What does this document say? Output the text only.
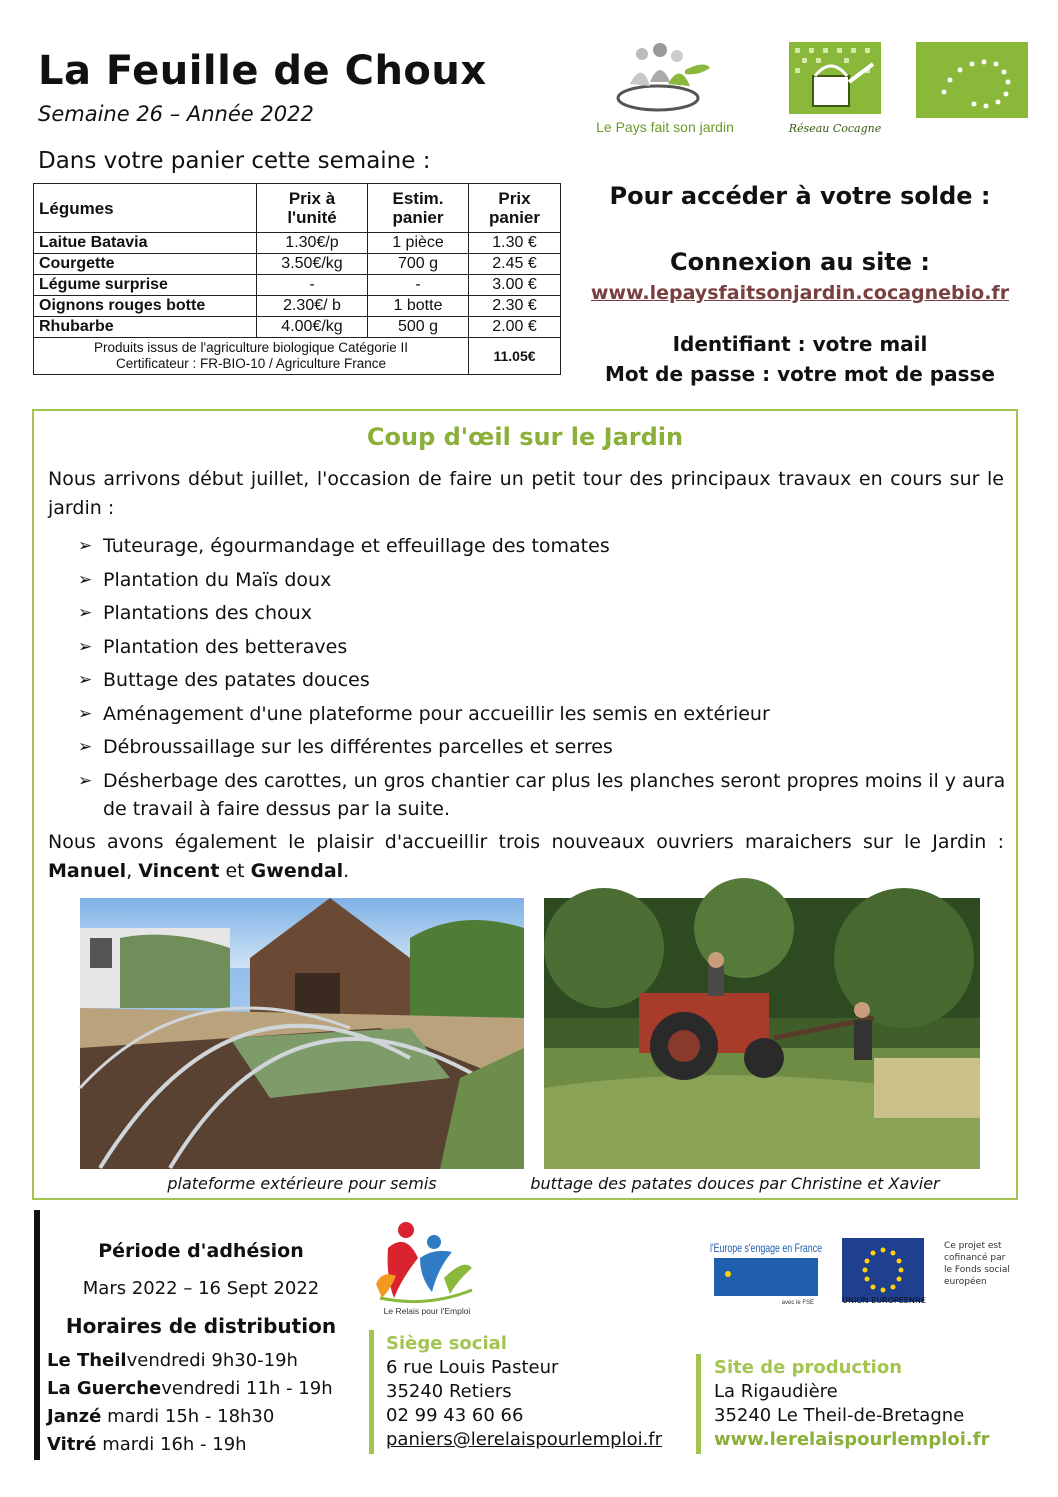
La Feuille de Choux
Semaine 26 – Année 2022
Dans votre panier cette semaine :
Le Pays fait son jardin	Réseau Cocagne
Légumes	Prix à l'unité	Estim. panier	Prix panier
Laitue Batavia	1.30€/p	1 pièce	1.30 €
Courgette	3.50€/kg	700 g	2.45 €
Légume surprise	-	-	3.00 €
Oignons rouges botte	2.30€/ b	1 botte	2.30 €
Rhubarbe	4.00€/kg	500 g	2.00 €
Produits issus de l'agriculture biologique Catégorie II
Certificateur : FR-BIO-10 / Agriculture France			11.05€
Pour accéder à votre solde :
Connexion au site :
www.lepaysfaitsonjardin.cocagnebio.fr
Identifiant : votre mail
Mot de passe : votre mot de passe
Coup d'œil sur le Jardin
Nous arrivons début juillet, l'occasion de faire un petit tour des principaux travaux en cours sur le jardin :
➢ Tuteurage, égourmandage et effeuillage des tomates
➢ Plantation du Maïs doux
➢ Plantations des choux
➢ Plantation des betteraves
➢ Buttage des patates douces
➢ Aménagement d'une plateforme pour accueillir les semis en extérieur
➢ Débroussaillage sur les différentes parcelles et serres
➢ Désherbage des carottes, un gros chantier car plus les planches seront propres moins il y aura de travail à faire dessus par la suite.
Nous avons également le plaisir d'accueillir trois nouveaux ouvriers maraichers sur le Jardin : Manuel, Vincent et Gwendal.
plateforme extérieure pour semis	buttage des patates douces par Christine et Xavier
Période d'adhésion
Mars 2022 – 16 Sept 2022
Horaires de distribution
Le Theilvendredi 9h30-19h
La Guerchevendredi 11h - 19h
Janzé mardi 15h - 18h30
Vitré mardi 16h - 19h
Le Relais pour l'Emploi
Siège social
6 rue Louis Pasteur
35240 Retiers
02 99 43 60 66
paniers@lerelaispourlemploi.fr
Site de production
La Rigaudière
35240 Le Theil-de-Bretagne
www.lerelaispourlemploi.fr
l'Europe s'engage en France
avec le FSE	UNION EUROPÉENNE
Ce projet est cofinancé par le Fonds social européen
